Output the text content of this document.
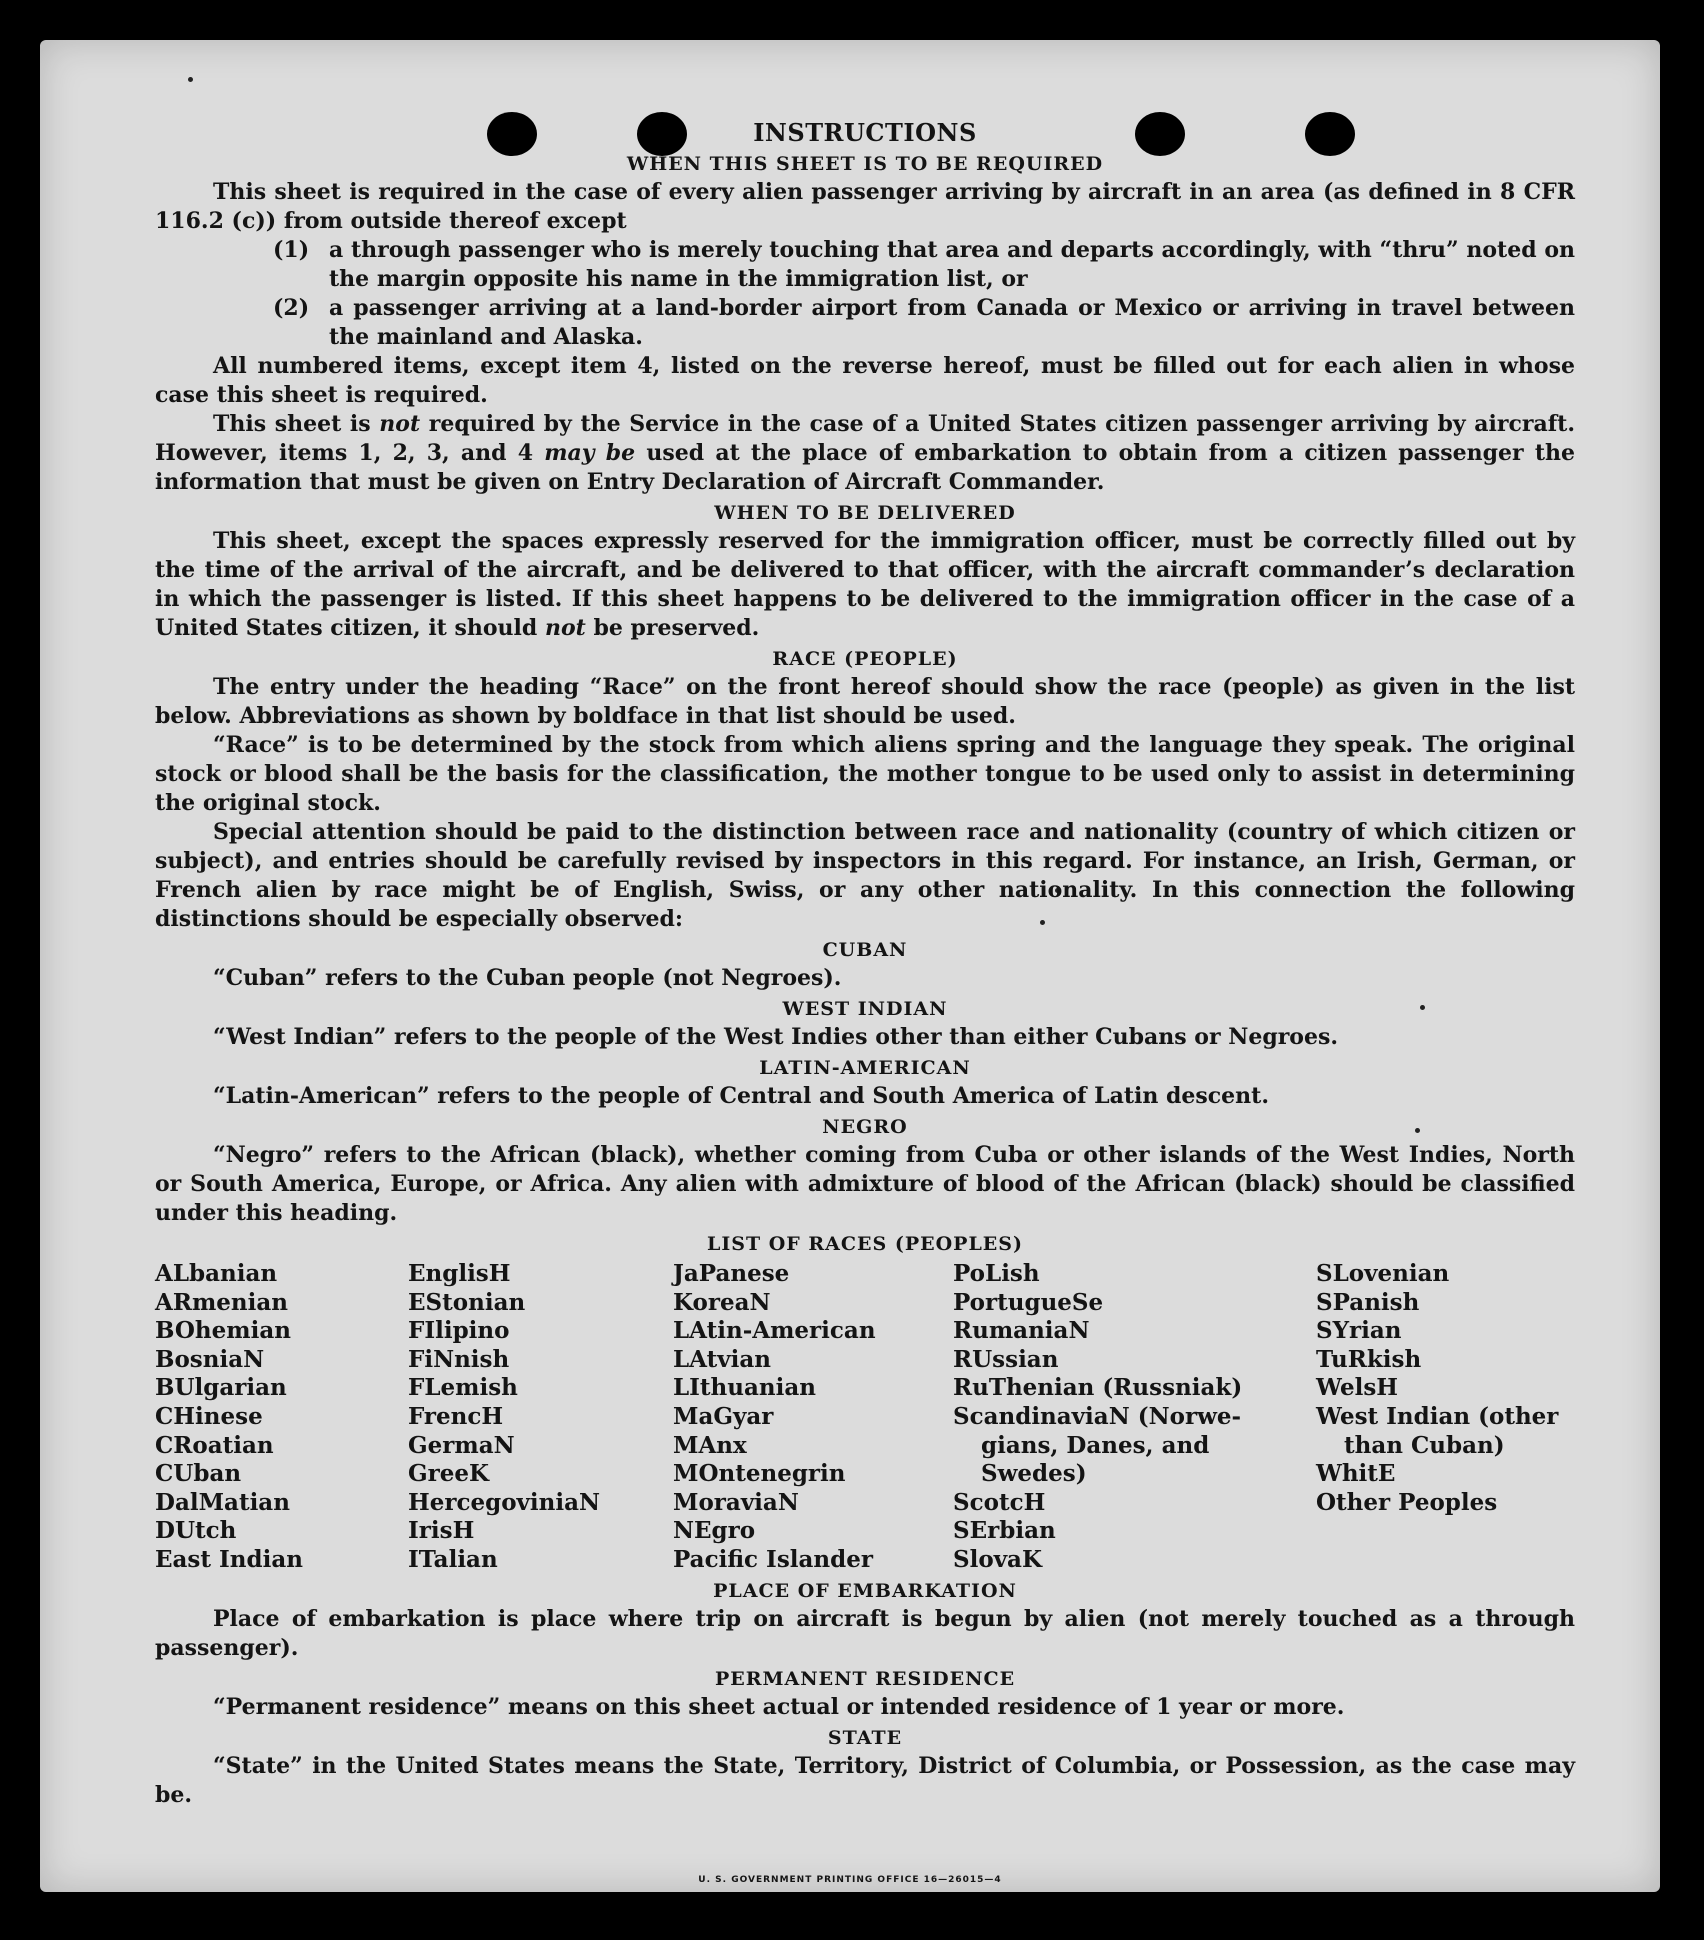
U. S. GOVERNMENT PRINTING OFFICE 16—26015—4
INSTRUCTIONS
WHEN THIS SHEET IS TO BE REQUIRED

This sheet is required in the case of every alien passenger arriving by aircraft in an area (as defined in 8 CFR 116.2 (c)) from outside thereof except

(1) a through passenger who is merely touching that area and departs accordingly, with “thru” noted on the margin opposite his name in the immigration list, or
(2) a passenger arriving at a land-border airport from Canada or Mexico or arriving in travel between the mainland and Alaska.

All numbered items, except item 4, listed on the reverse hereof, must be filled out for each alien in whose case this sheet is required.

This sheet is not required by the Service in the case of a United States citizen passenger arriving by aircraft. However, items 1, 2, 3, and 4 may be used at the place of embarkation to obtain from a citizen passenger the information that must be given on Entry Declaration of Aircraft Commander.

WHEN TO BE DELIVERED

This sheet, except the spaces expressly reserved for the immigration officer, must be correctly filled out by the time of the arrival of the aircraft, and be delivered to that officer, with the aircraft commander’s declaration in which the passenger is listed. If this sheet happens to be delivered to the immigration officer in the case of a United States citizen, it should not be preserved.

RACE (PEOPLE)

The entry under the heading “Race” on the front hereof should show the race (people) as given in the list below. Abbreviations as shown by boldface in that list should be used.

“Race” is to be determined by the stock from which aliens spring and the language they speak. The original stock or blood shall be the basis for the classification, the mother tongue to be used only to assist in determining the original stock.

Special attention should be paid to the distinction between race and nationality (country of which citizen or subject), and entries should be carefully revised by inspectors in this regard. For instance, an Irish, German, or French alien by race might be of English, Swiss, or any other nationality. In this connection the following distinctions should be especially observed:

CUBAN

“Cuban” refers to the Cuban people (not Negroes).

WEST INDIAN

“West Indian” refers to the people of the West Indies other than either Cubans or Negroes.

LATIN-AMERICAN

“Latin-American” refers to the people of Central and South America of Latin descent.

NEGRO

“Negro” refers to the African (black), whether coming from Cuba or other islands of the West Indies, North or South America, Europe, or Africa. Any alien with admixture of blood of the African (black) should be classified under this heading.

LIST OF RACES (PEOPLES)
ALbanian
ARmenian
BOhemian
BosniaN
BUlgarian
CHinese
CRoatian
CUban
DalMatian
DUtch
East Indian
EnglisH
EStonian
FIlipino
FiNnish
FLemish
FrencH
GermaN
GreeK
HercegoviniaN
IrisH
ITalian
JaPanese
KoreaN
LAtin-American
LAtvian
LIthuanian
MaGyar
MAnx
MOntenegrin
MoraviaN
NEgro
Pacific Islander
PoLish
PortugueSe
RumaniaN
RUssian
RuThenian (Russniak)
ScandinaviaN (Norwe-
gians, Danes, and
Swedes)
ScotcH
SErbian
SlovaK
SLovenian
SPanish
SYrian
TuRkish
WelsH
West Indian (other
than Cuban)
WhitE
Other Peoples
PLACE OF EMBARKATION

Place of embarkation is place where trip on aircraft is begun by alien (not merely touched as a through passenger).

PERMANENT RESIDENCE

“Permanent residence” means on this sheet actual or intended residence of 1 year or more.

STATE

“State” in the United States means the State, Territory, District of Columbia, or Possession, as the case may be.
